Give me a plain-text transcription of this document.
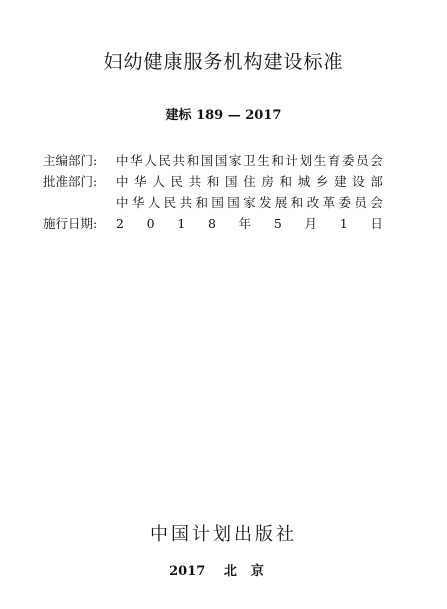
妇幼健康服务机构建设标准
建标 189 — 2017
主编部门:	中 华 人 民 共 和 国 国 家 卫 生 和 计 划 生 育 委 员 会
批准部门:	中 华 人 民 共 和 国 住 房 和 城 乡 建 设 部
中 华 人 民 共 和 国 国 家 发 展 和 改 革 委 员 会
施行日期:	2 0 1 8 年 5 月 1 日
中国计划出版社
2017 北京
